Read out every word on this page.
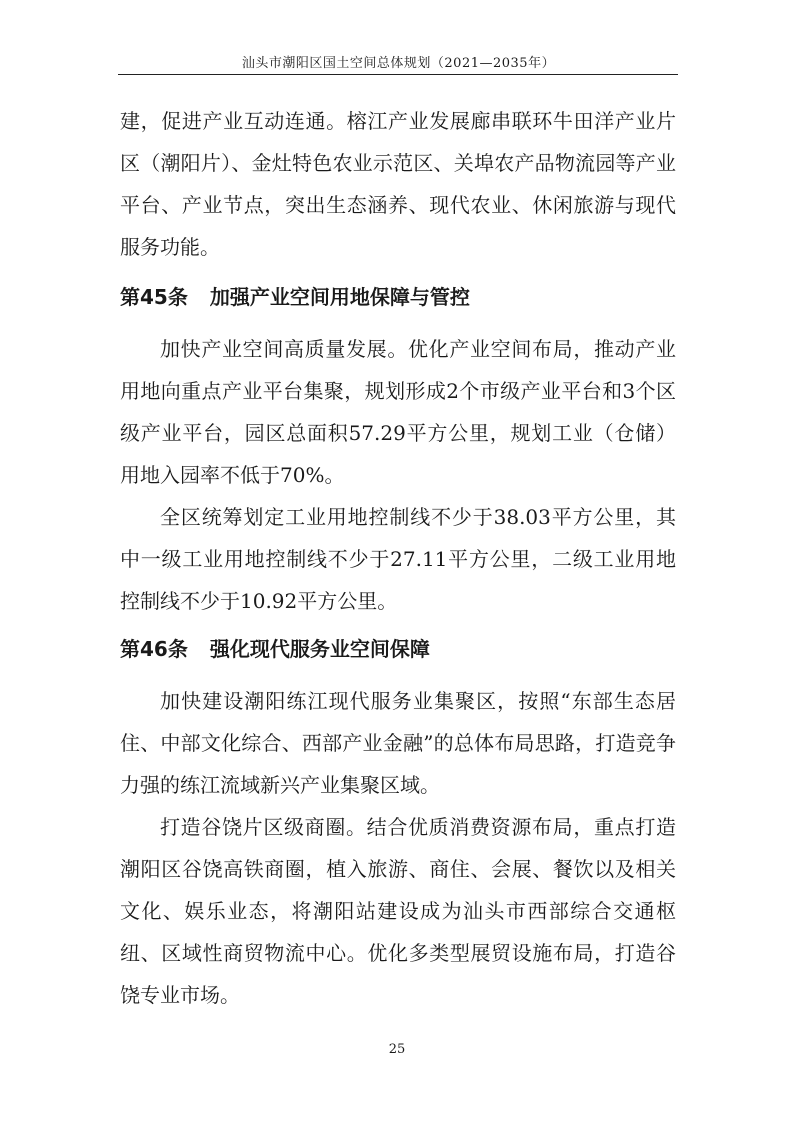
汕头市潮阳区国土空间总体规划（2021—2035年）
建，促进产业互动连通。榕江产业发展廊串联环牛田洋产业片区（潮阳片）、金灶特色农业示范区、关埠农产品物流园等产业平台、产业节点，突出生态涵养、现代农业、休闲旅游与现代服务功能。
第45条 加强产业空间用地保障与管控
加快产业空间高质量发展。优化产业空间布局，推动产业用地向重点产业平台集聚，规划形成2个市级产业平台和3个区级产业平台，园区总面积57.29平方公里，规划工业（仓储）用地入园率不低于70%。
全区统筹划定工业用地控制线不少于38.03平方公里，其中一级工业用地控制线不少于27.11平方公里，二级工业用地控制线不少于10.92平方公里。
第46条 强化现代服务业空间保障
加快建设潮阳练江现代服务业集聚区，按照“东部生态居住、中部文化综合、西部产业金融”的总体布局思路，打造竞争力强的练江流域新兴产业集聚区域。
打造谷饶片区级商圈。结合优质消费资源布局，重点打造潮阳区谷饶高铁商圈，植入旅游、商住、会展、餐饮以及相关文化、娱乐业态，将潮阳站建设成为汕头市西部综合交通枢纽、区域性商贸物流中心。优化多类型展贸设施布局，打造谷饶专业市场。
25
